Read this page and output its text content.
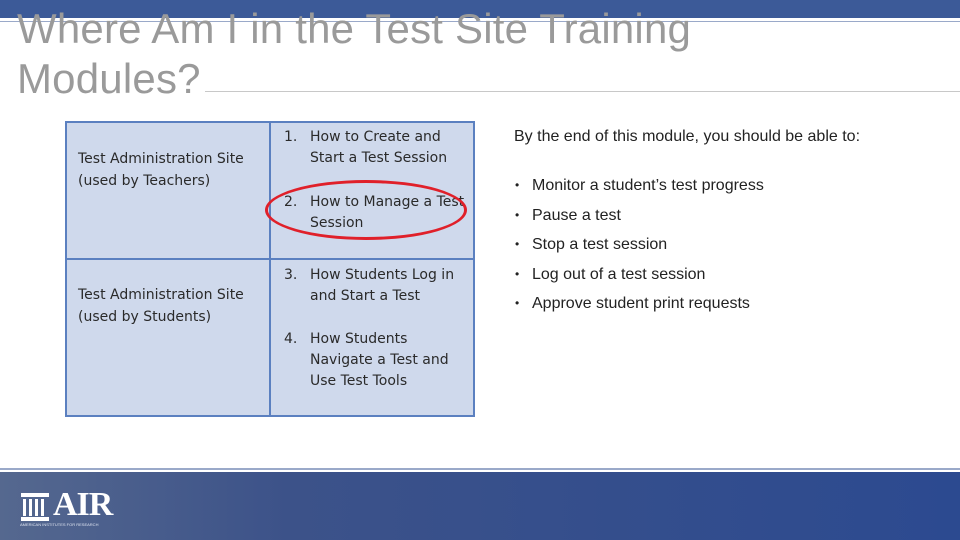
Where Am I in the Test Site Training Modules?
Test Administration Site (used by Teachers)
1. How to Create and Start a Test Session
2. How to Manage a Test Session
Test Administration Site (used by Students)
3. How Students Log in and Start a Test
4. How Students Navigate a Test and Use Test Tools
By the end of this module, you should be able to:
• Monitor a student’s test progress
• Pause a test
• Stop a test session
• Log out of a test session
• Approve student print requests
AIR
AMERICAN INSTITUTES FOR RESEARCH
